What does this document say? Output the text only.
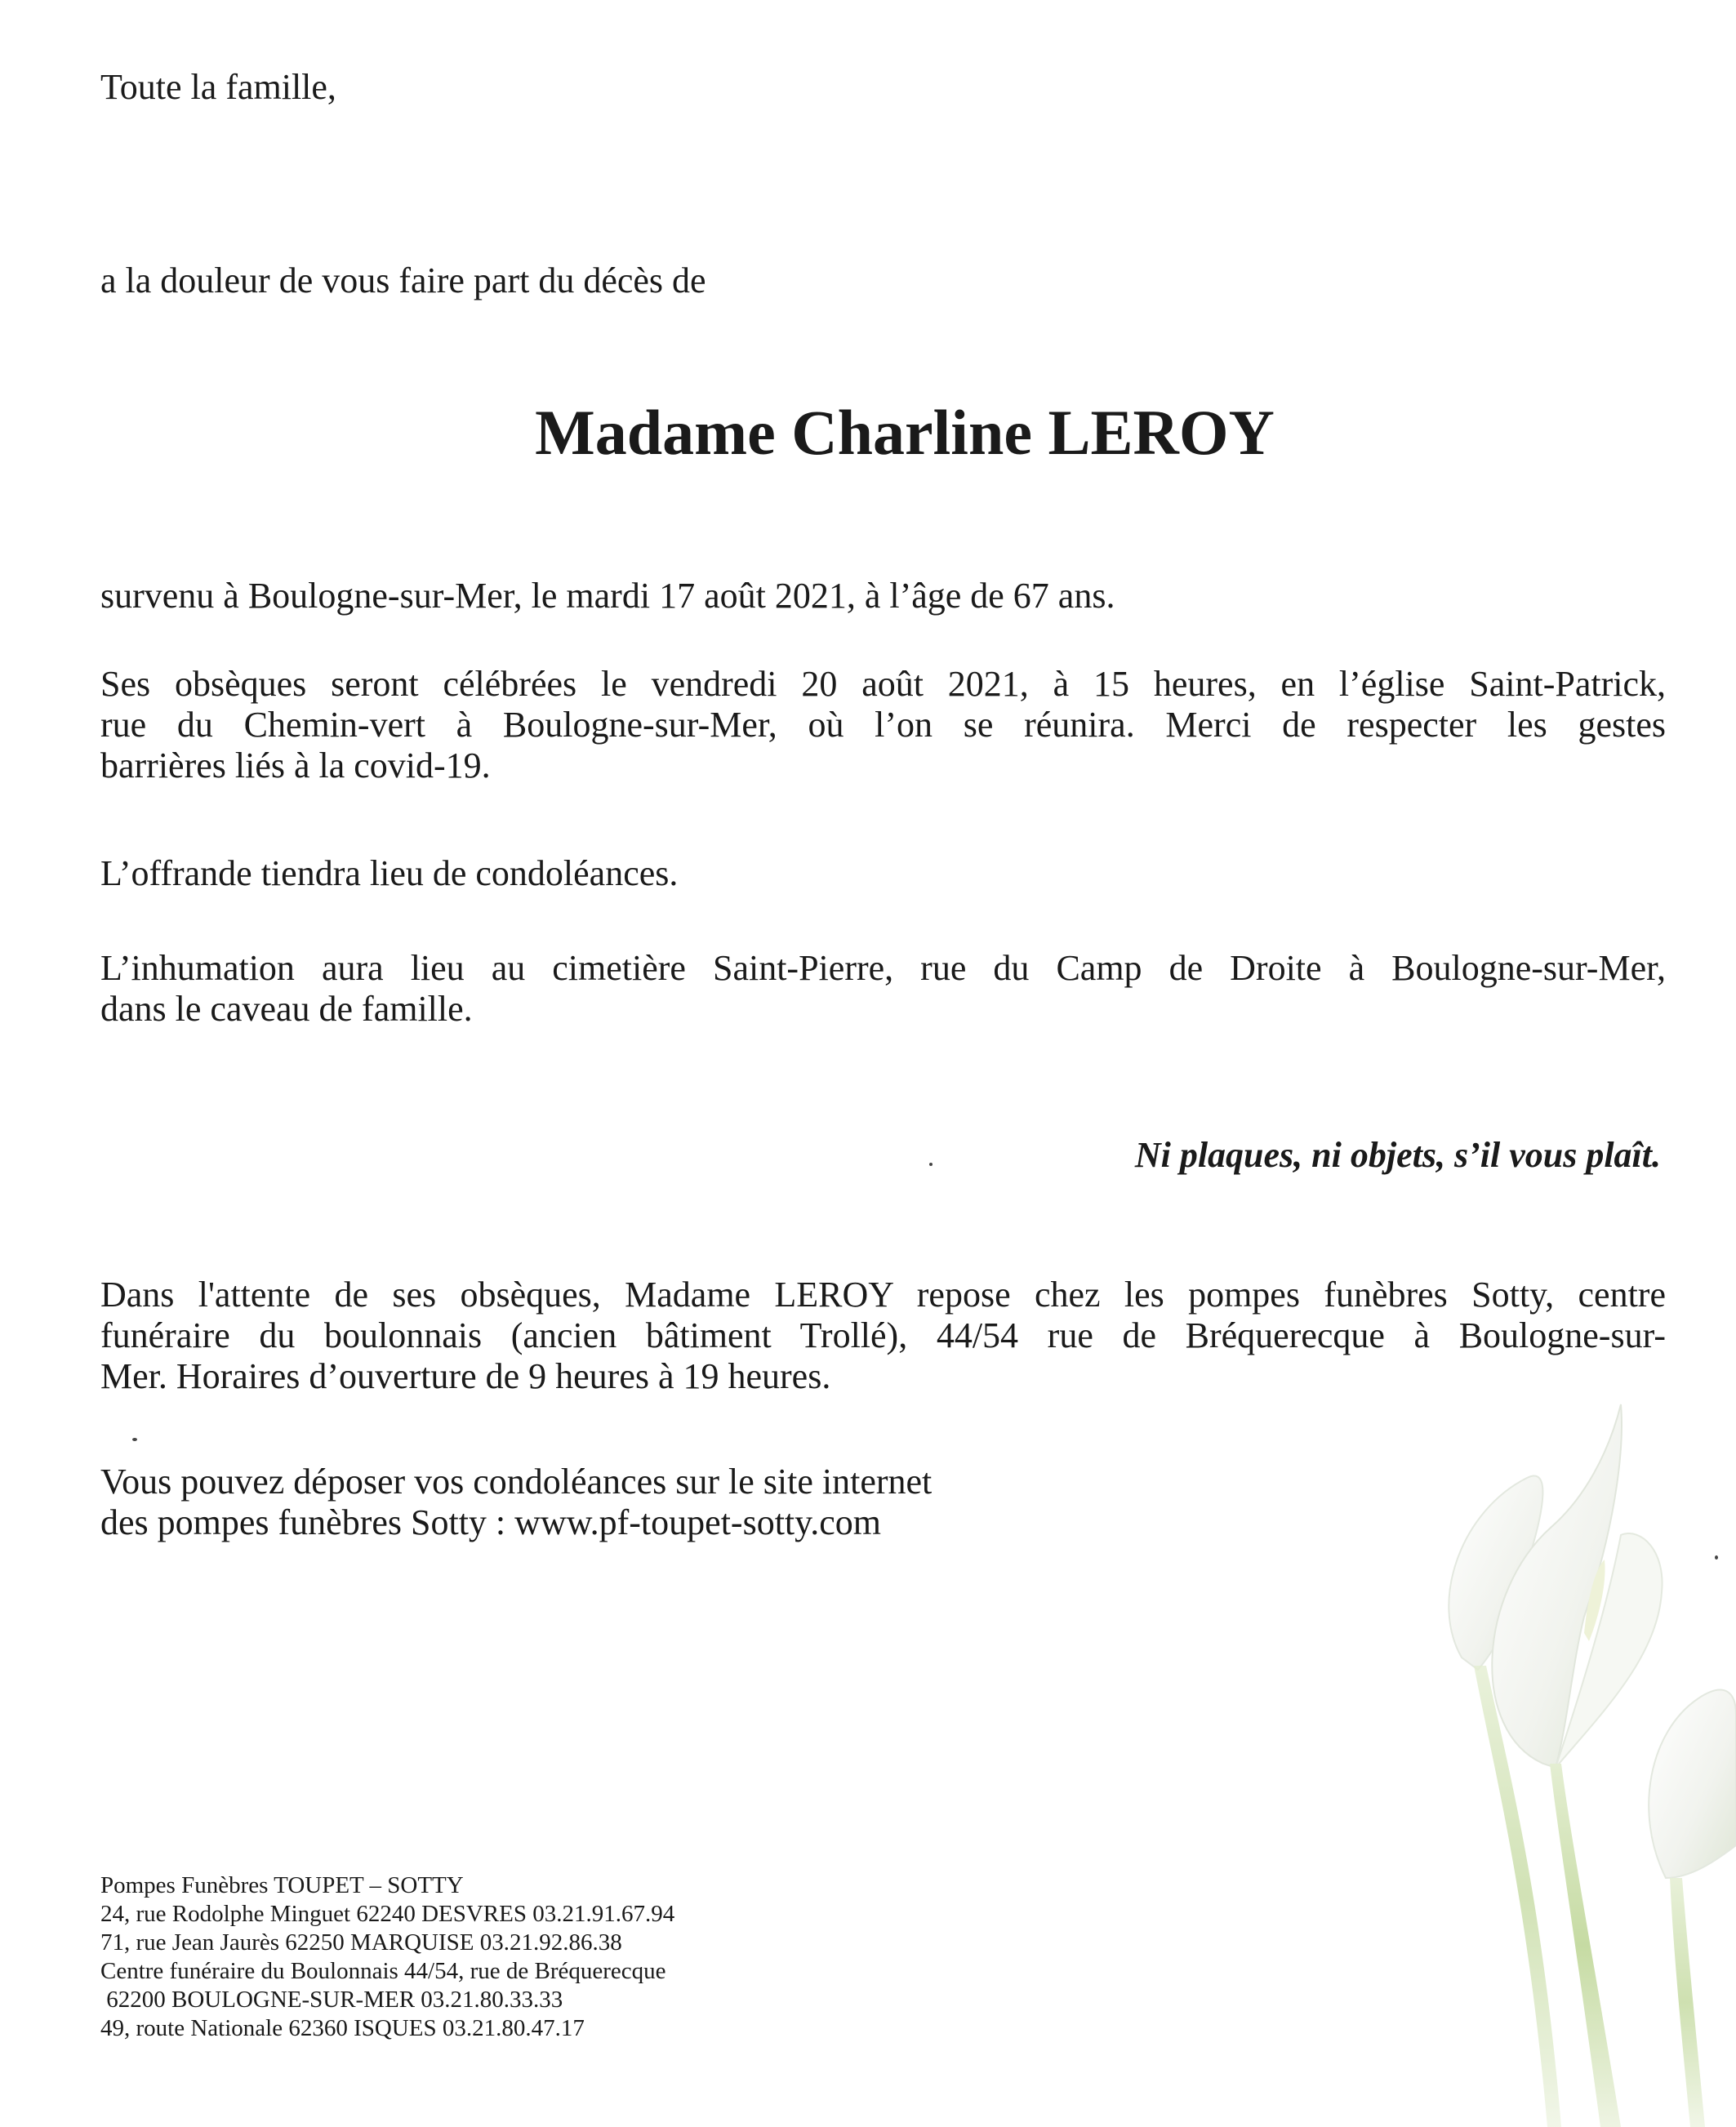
Toute la famille,
a la douleur de vous faire part du décès de
Madame Charline LEROY
survenu à Boulogne-sur-Mer, le mardi 17 août 2021, à l’âge de 67 ans.
Ses obsèques seront célébrées le vendredi 20 août 2021, à 15 heures, en l’église Saint-Patrick,
rue du Chemin-vert à Boulogne-sur-Mer, où l’on se réunira. Merci de respecter les gestes
barrières liés à la covid-19.
L’offrande tiendra lieu de condoléances.
L’inhumation aura lieu au cimetière Saint-Pierre, rue du Camp de Droite à Boulogne-sur-Mer,
dans le caveau de famille.
Ni plaques, ni objets, s’il vous plaît.
Dans l'attente de ses obsèques, Madame LEROY repose chez les pompes funèbres Sotty, centre
funéraire du boulonnais (ancien bâtiment Trollé), 44/54 rue de Bréquerecque à Boulogne-sur-
Mer. Horaires d’ouverture de 9 heures à 19 heures.
Vous pouvez déposer vos condoléances sur le site internet
des pompes funèbres Sotty : www.pf-toupet-sotty.com
Pompes Funèbres TOUPET – SOTTY
24, rue Rodolphe Minguet 62240 DESVRES 03.21.91.67.94
71, rue Jean Jaurès 62250 MARQUISE 03.21.92.86.38
Centre funéraire du Boulonnais 44/54, rue de Bréquerecque
62200 BOULOGNE-SUR-MER 03.21.80.33.33
49, route Nationale 62360 ISQUES 03.21.80.47.17
